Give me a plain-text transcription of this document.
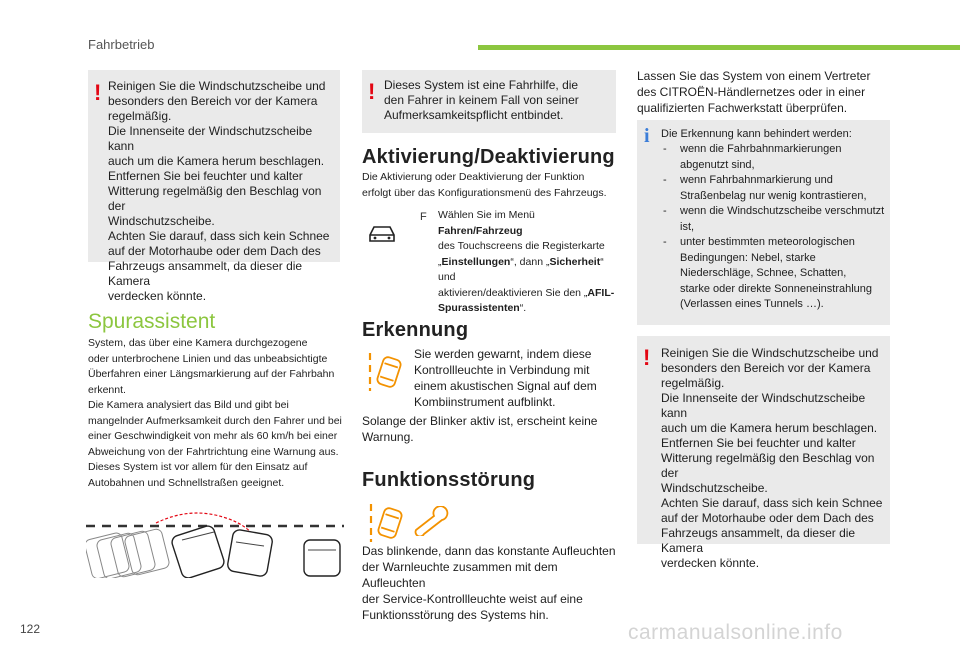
Fahrbetrieb
! Reinigen Sie die Windschutzscheibe und
besonders den Bereich vor der Kamera
regelmäßig.
Die Innenseite der Windschutzscheibe kann
auch um die Kamera herum beschlagen.
Entfernen Sie bei feuchter und kalter
Witterung regelmäßig den Beschlag von der
Windschutzscheibe.
Achten Sie darauf, dass sich kein Schnee
auf der Motorhaube oder dem Dach des
Fahrzeugs ansammelt, da dieser die Kamera
verdecken könnte.
Spurassistent
System, das über eine Kamera durchgezogene
oder unterbrochene Linien und das unbeabsichtigte
Überfahren einer Längsmarkierung auf der Fahrbahn
erkennt.
Die Kamera analysiert das Bild und gibt bei
mangelnder Aufmerksamkeit durch den Fahrer und bei
einer Geschwindigkeit von mehr als 60 km/h bei einer
Abweichung von der Fahrtrichtung eine Warnung aus.
Dieses System ist vor allem für den Einsatz auf
Autobahnen und Schnellstraßen geeignet.
! Dieses System ist eine Fahrhilfe, die
den Fahrer in keinem Fall von seiner
Aufmerksamkeitspflicht entbindet.
Aktivierung/Deaktivierung
Die Aktivierung oder Deaktivierung der Funktion
erfolgt über das Konfigurationsmenü des Fahrzeugs.
F Wählen Sie im Menü Fahren/Fahrzeug
des Touchscreens die Registerkarte
„Einstellungen“, dann „Sicherheit“ und
aktivieren/deaktivieren Sie den „AFIL-
Spurassistenten“.
Erkennung
Sie werden gewarnt, indem diese
Kontrollleuchte in Verbindung mit
einem akustischen Signal auf dem
Kombiinstrument aufblinkt.
Solange der Blinker aktiv ist, erscheint keine
Warnung.
Funktionsstörung
Das blinkende, dann das konstante Aufleuchten
der Warnleuchte zusammen mit dem Aufleuchten
der Service-Kontrollleuchte weist auf eine
Funktionsstörung des Systems hin.
Lassen Sie das System von einem Vertreter
des CITROËN-Händlernetzes oder in einer
qualifizierten Fachwerkstatt überprüfen.
i Die Erkennung kann behindert werden:
- wenn die Fahrbahnmarkierungen
abgenutzt sind,
- wenn Fahrbahnmarkierung und
Straßenbelag nur wenig kontrastieren,
- wenn die Windschutzscheibe verschmutzt
ist,
- unter bestimmten meteorologischen
Bedingungen: Nebel, starke
Niederschläge, Schnee, Schatten,
starke oder direkte Sonneneinstrahlung
(Verlassen eines Tunnels …).
! Reinigen Sie die Windschutzscheibe und
besonders den Bereich vor der Kamera
regelmäßig.
Die Innenseite der Windschutzscheibe kann
auch um die Kamera herum beschlagen.
Entfernen Sie bei feuchter und kalter
Witterung regelmäßig den Beschlag von der
Windschutzscheibe.
Achten Sie darauf, dass sich kein Schnee
auf der Motorhaube oder dem Dach des
Fahrzeugs ansammelt, da dieser die Kamera
verdecken könnte.
122	carmanualsonline.info
